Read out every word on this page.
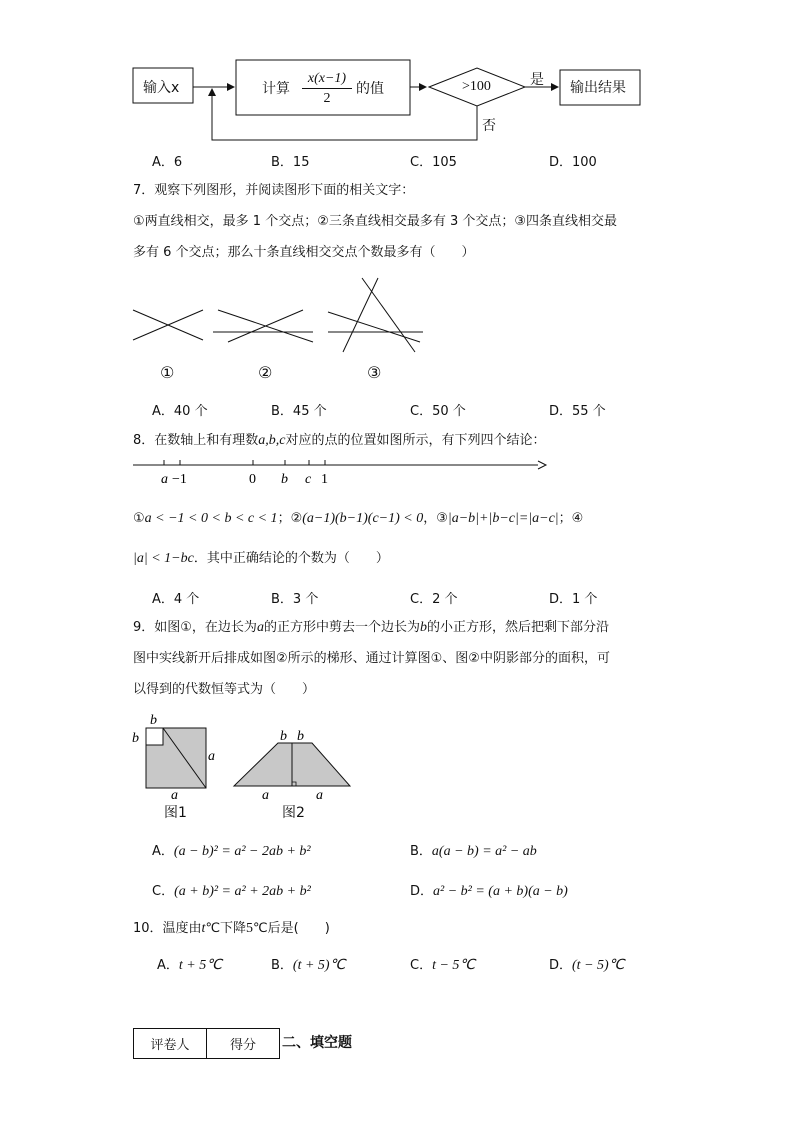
输入x	计算
x(x−1)
2
的值	>100	是
否
输出结果
A．6	B．15	C．105	D．100
7．观察下列图形，并阅读图形下面的相关文字：
①两直线相交，最多 1 个交点；②三条直线相交最多有 3 个交点；③四条直线相交最
多有 6 个交点；那么十条直线相交交点个数最多有（　　）
①	②	③
A．40 个	B．45 个	C．50 个	D．55 个
8．在数轴上和有理数a,b,c对应的点的位置如图所示，有下列四个结论：
a −1	0 b c 1
①a < −1 < 0 < b < c < 1；②(a−1)(b−1)(c−1) < 0，③|a−b|+|b−c|=|a−c|；④
|a| < 1−bc．其中正确结论的个数为（　　）
A．4 个	B．3 个	C．2 个	D．1 个
9．如图①，在边长为a的正方形中剪去一个边长为b的小正方形，然后把剩下部分沿
图中实线新开后排成如图②所示的梯形、通过计算图①、图②中阴影部分的面积，可
以得到的代数恒等式为（　　）
b
b
a
a
b b
a	a
图1	图2
A．(a − b)² = a² − 2ab + b²	B．a(a − b) = a² − ab
C．(a + b)² = a² + 2ab + b²	D．a² − b² = (a + b)(a − b)
10．温度由t℃下降5℃后是(　　)
A．t + 5℃	B．(t + 5)℃	C．t − 5℃	D．(t − 5)℃
评卷人	得分 二、填空题
